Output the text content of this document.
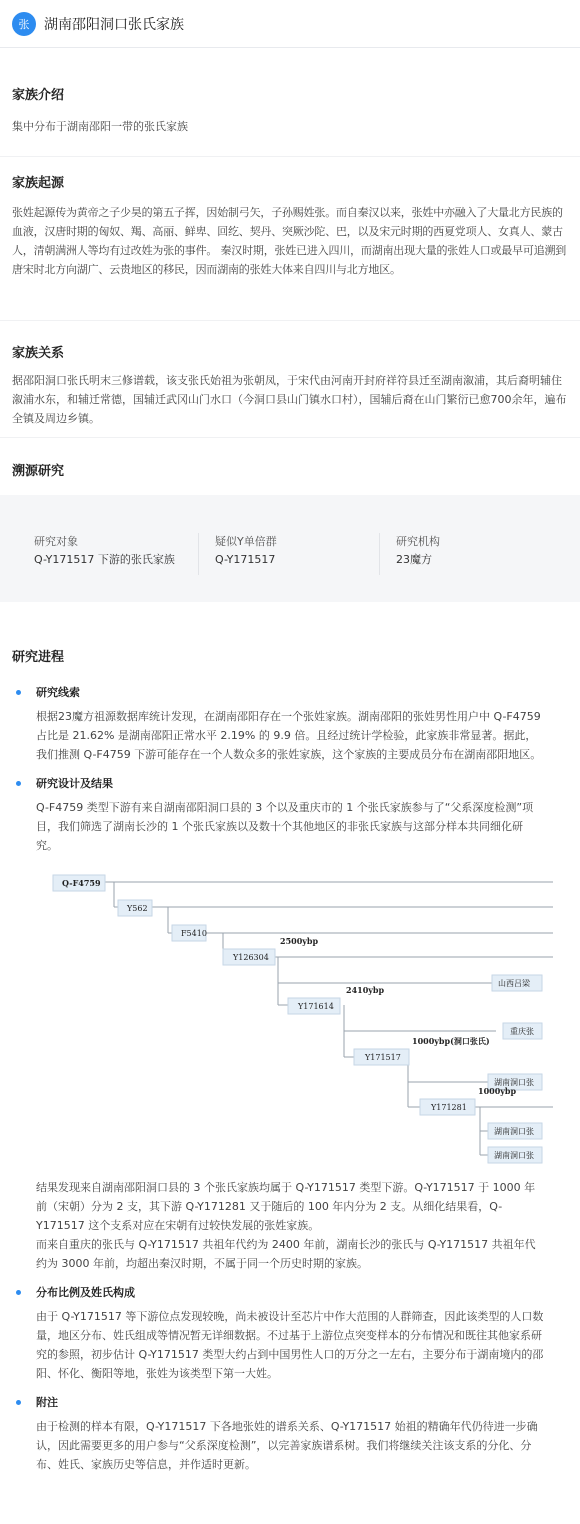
张	湖南邵阳洞口张氏家族
家族介绍
集中分布于湖南邵阳一带的张氏家族
家族起源
张姓起源传为黄帝之子少昊的第五子挥，因始制弓矢，子孙赐姓张。而自秦汉以来，张姓中亦融入了大量北方民族的血液，汉唐时期的匈奴、羯、高丽、鲜卑、回纥、契丹、突厥沙陀、巴，以及宋元时期的西夏党项人、女真人、蒙古人，清朝满洲人等均有过改姓为张的事件。 秦汉时期，张姓已进入四川，而湖南出现大量的张姓人口或最早可追溯到唐宋时北方向湖广、云贵地区的移民，因而湖南的张姓大体来自四川与北方地区。
家族关系
据邵阳洞口张氏明末三修谱载，该支张氏始祖为张朝凤，于宋代由河南开封府祥符县迁至湖南溆浦，其后裔明辅住溆浦水东，和辅迁常德，国辅迁武冈山门水口（今洞口县山门镇水口村），国辅后裔在山门繁衍已愈700余年，遍布全镇及周边乡镇。
溯源研究
研究对象
Q-Y171517 下游的张氏家族
疑似Y单倍群
Q-Y171517
研究机构
23魔方
研究进程
研究线索
根据23魔方祖源数据库统计发现，在湖南邵阳存在一个张姓家族。湖南邵阳的张姓男性用户中 Q-F4759 占比是 21.62% 是湖南邵阳正常水平 2.19% 的 9.9 倍。且经过统计学检验，此家族非常显著。据此，我们推测 Q-F4759 下游可能存在一个人数众多的张姓家族，这个家族的主要成员分布在湖南邵阳地区。
研究设计及结果
Q-F4759 类型下游有来自湖南邵阳洞口县的 3 个以及重庆市的 1 个张氏家族参与了“父系深度检测”项目，我们筛选了湖南长沙的 1 个张氏家族以及数十个其他地区的非张氏家族与这部分样本共同细化研究。
Q-F4759
Y562
F5410
Y126304
Y171614
Y171517
Y171281
山西吕梁
重庆张
湖南洞口张
湖南洞口张
湖南洞口张
2500ybp
2410ybp
1000ybp(洞口张氏)
1000ybp
结果发现来自湖南邵阳洞口县的 3 个张氏家族均属于 Q-Y171517 类型下游。Q-Y171517 于 1000 年前（宋朝）分为 2 支，其下游 Q-Y171281 又于随后的 100 年内分为 2 支。从细化结果看，Q-Y171517 这个支系对应在宋朝有过较快发展的张姓家族。
而来自重庆的张氏与 Q-Y171517 共祖年代约为 2400 年前，湖南长沙的张氏与 Q-Y171517 共祖年代约为 3000 年前，均超出秦汉时期，不属于同一个历史时期的家族。
分布比例及姓氏构成
由于 Q-Y171517 等下游位点发现较晚，尚未被设计至芯片中作大范围的人群筛查，因此该类型的人口数量，地区分布、姓氏组成等情况暂无详细数据。不过基于上游位点突变样本的分布情况和既往其他家系研究的参照，初步估计 Q-Y171517 类型大约占到中国男性人口的万分之一左右，主要分布于湖南境内的邵阳、怀化、衡阳等地，张姓为该类型下第一大姓。
附注
由于检测的样本有限，Q-Y171517 下各地张姓的谱系关系、Q-Y171517 始祖的精确年代仍待进一步确认，因此需要更多的用户参与“父系深度检测”，以完善家族谱系树。我们将继续关注该支系的分化、分布、姓氏、家族历史等信息，并作适时更新。
